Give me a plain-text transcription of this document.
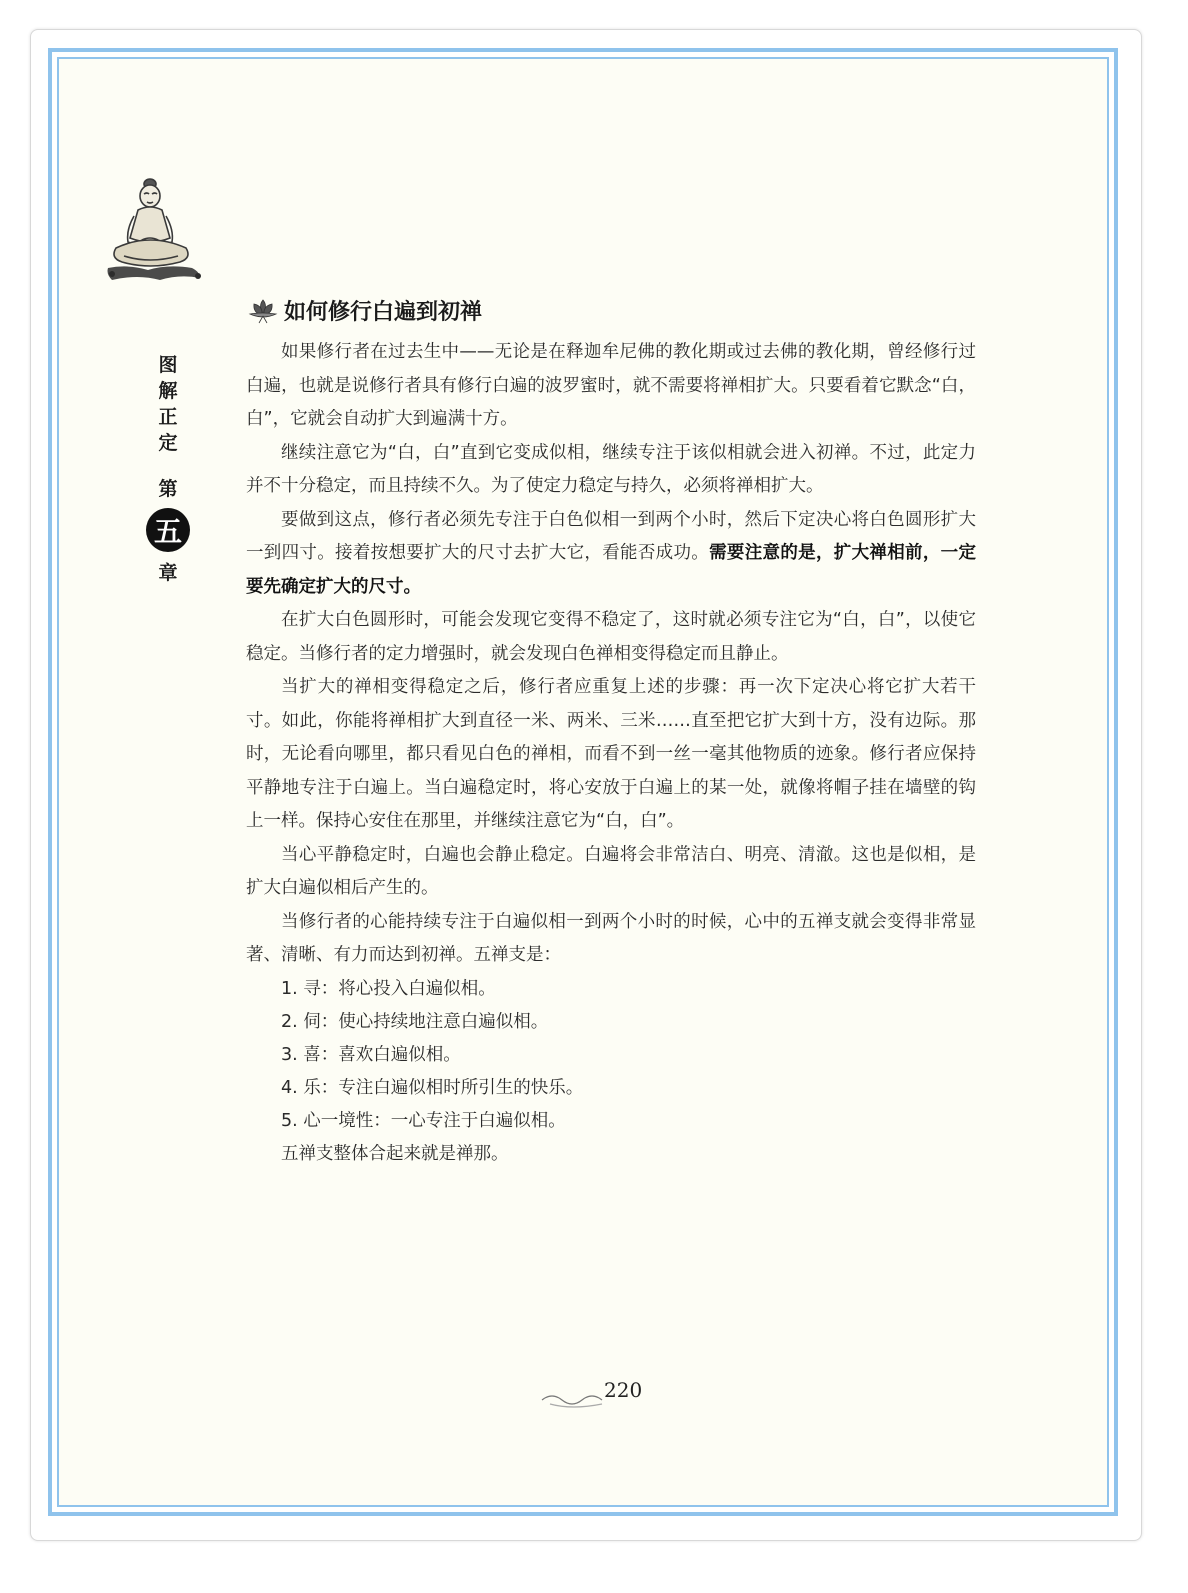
图
解
正
定
第
五
章
如何修行白遍到初禅

如果修行者在过去生中——无论是在释迦牟尼佛的教化期或过去佛的教化期，曾经修行过白遍，也就是说修行者具有修行白遍的波罗蜜时，就不需要将禅相扩大。只要看着它默念“白，白”，它就会自动扩大到遍满十方。

继续注意它为“白，白”直到它变成似相，继续专注于该似相就会进入初禅。不过，此定力并不十分稳定，而且持续不久。为了使定力稳定与持久，必须将禅相扩大。

要做到这点，修行者必须先专注于白色似相一到两个小时，然后下定决心将白色圆形扩大一到四寸。接着按想要扩大的尺寸去扩大它，看能否成功。需要注意的是，扩大禅相前，一定要先确定扩大的尺寸。

在扩大白色圆形时，可能会发现它变得不稳定了，这时就必须专注它为“白，白”，以使它稳定。当修行者的定力增强时，就会发现白色禅相变得稳定而且静止。

当扩大的禅相变得稳定之后，修行者应重复上述的步骤：再一次下定决心将它扩大若干寸。如此，你能将禅相扩大到直径一米、两米、三米……直至把它扩大到十方，没有边际。那时，无论看向哪里，都只看见白色的禅相，而看不到一丝一毫其他物质的迹象。修行者应保持平静地专注于白遍上。当白遍稳定时，将心安放于白遍上的某一处，就像将帽子挂在墙壁的钩上一样。保持心安住在那里，并继续注意它为“白，白”。

当心平静稳定时，白遍也会静止稳定。白遍将会非常洁白、明亮、清澈。这也是似相，是扩大白遍似相后产生的。

当修行者的心能持续专注于白遍似相一到两个小时的时候，心中的五禅支就会变得非常显著、清晰、有力而达到初禅。五禅支是：

1. 寻：将心投入白遍似相。

2. 伺：使心持续地注意白遍似相。

3. 喜：喜欢白遍似相。

4. 乐：专注白遍似相时所引生的快乐。

5. 心一境性：一心专注于白遍似相。

五禅支整体合起来就是禅那。

220
